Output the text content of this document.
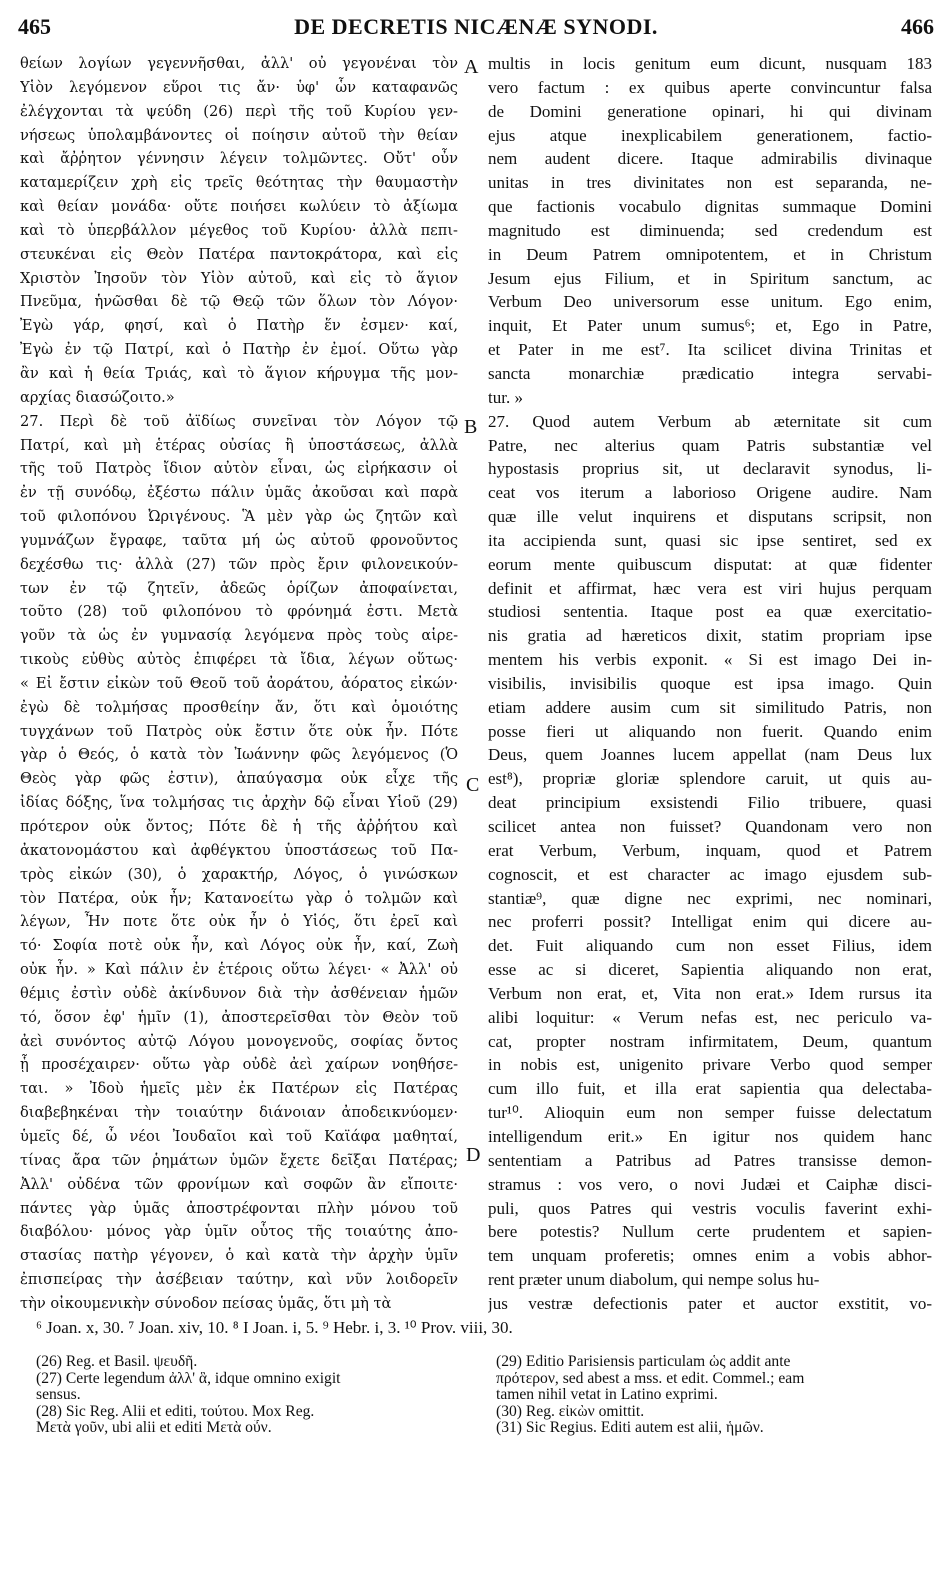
465	DE DECRETIS NICÆNÆ SYNODI.	466
θείων λογίων γεγεννῆσθαι, ἀλλ' οὐ γεγονέναι τὸν
Υἱὸν λεγόμενον εὕροι τις ἄν· ὑφ' ὧν καταφανῶς
ἐλέγχονται τὰ ψεύδη (26) περὶ τῆς τοῦ Κυρίου γεν-
νήσεως ὑπολαμβάνοντες οἱ ποίησιν αὐτοῦ τὴν θείαν
καὶ ἄῤῥητον γέννησιν λέγειν τολμῶντες. Οὔτ' οὖν
καταμερίζειν χρὴ εἰς τρεῖς θεότητας τὴν θαυμαστὴν
καὶ θείαν μονάδα· οὔτε ποιήσει κωλύειν τὸ ἀξίωμα
καὶ τὸ ὑπερβάλλον μέγεθος τοῦ Κυρίου· ἀλλὰ πεπι-
στευκέναι εἰς Θεὸν Πατέρα παντοκράτορα, καὶ εἰς
Χριστὸν Ἰησοῦν τὸν Υἱὸν αὐτοῦ, καὶ εἰς τὸ ἅγιον
Πνεῦμα, ἡνῶσθαι δὲ τῷ Θεῷ τῶν ὅλων τὸν Λόγον·
Ἐγὼ γάρ, φησί, καὶ ὁ Πατὴρ ἕν ἐσμεν· καί,
Ἐγὼ ἐν τῷ Πατρί, καὶ ὁ Πατὴρ ἐν ἐμοί. Οὕτω γὰρ
ἂν καὶ ἡ θεία Τριάς, καὶ τὸ ἅγιον κήρυγμα τῆς μον-
αρχίας διασώζοιτο.»
27. Περὶ δὲ τοῦ ἀϊδίως συνεῖναι τὸν Λόγον τῷ
Πατρί, καὶ μὴ ἑτέρας οὐσίας ἢ ὑποστάσεως, ἀλλὰ
τῆς τοῦ Πατρὸς ἴδιον αὐτὸν εἶναι, ὡς εἰρήκασιν οἱ
ἐν τῇ συνόδῳ, ἐξέστω πάλιν ὑμᾶς ἀκοῦσαι καὶ παρὰ
τοῦ φιλοπόνου Ὠριγένους. Ἃ μὲν γὰρ ὡς ζητῶν καὶ
γυμνάζων ἔγραφε, ταῦτα μή ὡς αὐτοῦ φρονοῦντος
δεχέσθω τις· ἀλλὰ (27) τῶν πρὸς ἔριν φιλονεικούν-
των ἐν τῷ ζητεῖν, ἀδεῶς ὁρίζων ἀποφαίνεται,
τοῦτο (28) τοῦ φιλοπόνου τὸ φρόνημά ἐστι. Μετὰ
γοῦν τὰ ὡς ἐν γυμνασίᾳ λεγόμενα πρὸς τοὺς αἱρε-
τικοὺς εὐθὺς αὐτὸς ἐπιφέρει τὰ ἴδια, λέγων οὕτως·
« Εἰ ἔστιν εἰκὼν τοῦ Θεοῦ τοῦ ἀοράτου, ἀόρατος εἰκών·
ἐγὼ δὲ τολμήσας προσθείην ἄν, ὅτι καὶ ὁμοιότης
τυγχάνων τοῦ Πατρὸς οὐκ ἔστιν ὅτε οὐκ ἦν. Πότε
γὰρ ὁ Θεός, ὁ κατὰ τὸν Ἰωάννην φῶς λεγόμενος (Ὁ
Θεὸς γὰρ φῶς ἐστιν), ἀπαύγασμα οὐκ εἶχε τῆς
ἰδίας δόξης, ἵνα τολμήσας τις ἀρχὴν δῷ εἶναι Υἱοῦ (29)
πρότερον οὐκ ὄντος; Πότε δὲ ἡ τῆς ἀῤῥήτου καὶ
ἀκατονομάστου καὶ ἀφθέγκτου ὑποστάσεως τοῦ Πα-
τρὸς εἰκών (30), ὁ χαρακτήρ, Λόγος, ὁ γινώσκων
τὸν Πατέρα, οὐκ ἦν; Κατανοείτω γὰρ ὁ τολμῶν καὶ
λέγων, Ἦν ποτε ὅτε οὐκ ἦν ὁ Υἱός, ὅτι ἐρεῖ καὶ
τό· Σοφία ποτὲ οὐκ ἦν, καὶ Λόγος οὐκ ἦν, καί, Ζωὴ
οὐκ ἦν. » Καὶ πάλιν ἐν ἑτέροις οὕτω λέγει· « Ἀλλ' οὐ
θέμις ἐστὶν οὐδὲ ἀκίνδυνον διὰ τὴν ἀσθένειαν ἡμῶν
τό, ὅσον ἐφ' ἡμῖν (1), ἀποστερεῖσθαι τὸν Θεὸν τοῦ
ἀεὶ συνόντος αὐτῷ Λόγου μονογενοῦς, σοφίας ὄντος
ᾗ προσέχαιρεν· οὕτω γὰρ οὐδὲ ἀεὶ χαίρων νοηθήσε-
ται. » Ἰδοὺ ἡμεῖς μὲν ἐκ Πατέρων εἰς Πατέρας
διαβεβηκέναι τὴν τοιαύτην διάνοιαν ἀποδεικνύομεν·
ὑμεῖς δέ, ὦ νέοι Ἰουδαῖοι καὶ τοῦ Καϊάφα μαθηταί,
τίνας ἄρα τῶν ῥημάτων ὑμῶν ἔχετε δεῖξαι Πατέρας;
Ἀλλ' οὐδένα τῶν φρονίμων καὶ σοφῶν ἂν εἴποιτε·
πάντες γὰρ ὑμᾶς ἀποστρέφονται πλὴν μόνου τοῦ
διαβόλου· μόνος γὰρ ὑμῖν οὗτος τῆς τοιαύτης ἀπο-
στασίας πατὴρ γέγονεν, ὁ καὶ κατὰ τὴν ἀρχὴν ὑμῖν
ἐπισπείρας τὴν ἀσέβειαν ταύτην, καὶ νῦν λοιδορεῖν
τὴν οἰκουμενικὴν σύνοδον πείσας ὑμᾶς, ὅτι μὴ τὰ
multis in locis genitum eum dicunt, nusquam 183
vero factum : ex quibus aperte convincuntur falsa
de Domini generatione opinari, hi qui divinam
ejus atque inexplicabilem generationem, factio-
nem audent dicere. Itaque admirabilis divinaque
unitas in tres divinitates non est separanda, ne-
que factionis vocabulo dignitas summaque Domini
magnitudo est diminuenda; sed credendum est
in Deum Patrem omnipotentem, et in Christum
Jesum ejus Filium, et in Spiritum sanctum, ac
Verbum Deo universorum esse unitum. Ego enim,
inquit, Et Pater unum sumus⁶; et, Ego in Patre,
et Pater in me est⁷. Ita scilicet divina Trinitas et
sancta monarchiæ prædicatio integra servabi-
tur. »
27. Quod autem Verbum ab æternitate sit cum
Patre, nec alterius quam Patris substantiæ vel
hypostasis proprius sit, ut declaravit synodus, li-
ceat vos iterum a laborioso Origene audire. Nam
quæ ille velut inquirens et disputans scripsit, non
ita accipienda sunt, quasi sic ipse sentiret, sed ex
eorum mente quibuscum disputat: at quæ fidenter
definit et affirmat, hæc vera est viri hujus perquam
studiosi sententia. Itaque post ea quæ exercitatio-
nis gratia ad hæreticos dixit, statim propriam ipse
mentem his verbis exponit. « Si est imago Dei in-
visibilis, invisibilis quoque est ipsa imago. Quin
etiam addere ausim cum sit similitudo Patris, non
posse fieri ut aliquando non fuerit. Quando enim
Deus, quem Joannes lucem appellat (nam Deus lux
est⁸), propriæ gloriæ splendore caruit, ut quis au-
deat principium exsistendi Filio tribuere, quasi
scilicet antea non fuisset? Quandonam vero non
erat Verbum, Verbum, inquam, quod et Patrem
cognoscit, et est character ac imago ejusdem sub-
stantiæ⁹, quæ digne nec exprimi, nec nominari,
nec proferri possit? Intelligat enim qui dicere au-
det. Fuit aliquando cum non esset Filius, idem
esse ac si diceret, Sapientia aliquando non erat,
Verbum non erat, et, Vita non erat.» Idem rursus ita
alibi loquitur: « Verum nefas est, nec periculo va-
cat, propter nostram infirmitatem, Deum, quantum
in nobis est, unigenito privare Verbo quod semper
cum illo fuit, et illa erat sapientia qua delectaba-
tur¹⁰. Alioquin eum non semper fuisse delectatum
intelligendum erit.» En igitur nos quidem hanc
sententiam a Patribus ad Patres transisse demon-
stramus : vos vero, o novi Judæi et Caiphæ disci-
puli, quos Patres qui vestris voculis faverint exhi-
bere potestis? Nullum certe prudentem et sapien-
tem unquam proferetis; omnes enim a vobis abhor-
rent præter unum diabolum, qui nempe solus hu-
jus vestræ defectionis pater et auctor exstitit, vo-
A
B
C
D
⁶ Joan. x, 30. ⁷ Joan. xiv, 10. ⁸ I Joan. i, 5. ⁹ Hebr. i, 3. ¹⁰ Prov. viii, 30.
(26) Reg. et Basil. ψευδῆ.
(27) Certe legendum ἀλλ' ἃ, idque omnino exigit
sensus.
(28) Sic Reg. Alii et editi, τούτου. Mox Reg.
Μετὰ γοῦν, ubi alii et editi Μετὰ οὖν.
(29) Editio Parisiensis particulam ὡς addit ante
πρότερον, sed abest a mss. et edit. Commel.; eam
tamen nihil vetat in Latino exprimi.
(30) Reg. εἰκὼν omittit.
(31) Sic Regius. Editi autem est alii, ἡμῶν.
